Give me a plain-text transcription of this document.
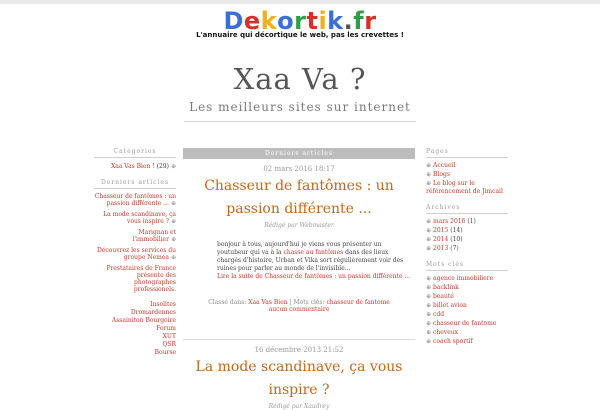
Dekortik.fr
L'annuaire qui décortique le web, pas les crevettes !
Xaa Va ?
Les meilleurs sites sur internet
Catégories
Xaa Vas Bien ! (29) ⊕
Derniers articles
Chasseur de fantômes : un passion différente ... ⊕
La mode scandinave, ça vous inspire ? ⊕
Marignan et l'immobilier ⊕
Découvrez les services du groupe Nemea ⊕
Prestataires de France présente des photographes professionels.
Insolites
Dromardennes
Assainiton Bourgoire
Forum
XUT
QSR
Bourse
Derniers articles
02 mars 2016 18:17
Chasseur de fantômes : un passion différente ...
Rédigé par Webmaster
bonjour à tous, aujourd'hui je viens vous présenter un youtubeur qui va à la chasse au fantômes dans des lieux chargés d'histoire, Urban et Vika sort régulièrement voir des ruines pour parler au monde de l'invisible...
Lire la suite de Chasseur de fantômes : un passion différente ...
Classé dans: Xaa Vas Bien | Mots clés: chasseur de fantome
aucun commentaire
16 décembre 2013 21:52
La mode scandinave, ça vous inspire ?
Rédigé par Xaudrey
Pages
⊕ Accueil
⊕ Blogs
⊕ Le blog sur le référencement de Jimcail
Archives
⊕ mars 2016 (1)
⊕ 2015 (14)
⊕ 2014 (10)
⊕ 2013 (7)
Mots clés
⊕ agence immobiliere
⊕ backlink
⊕ beauté
⊕ billet avion
⊕ cdd
⊕ chasseur de fantome
⊕ cheveux
⊕ coach sportif
